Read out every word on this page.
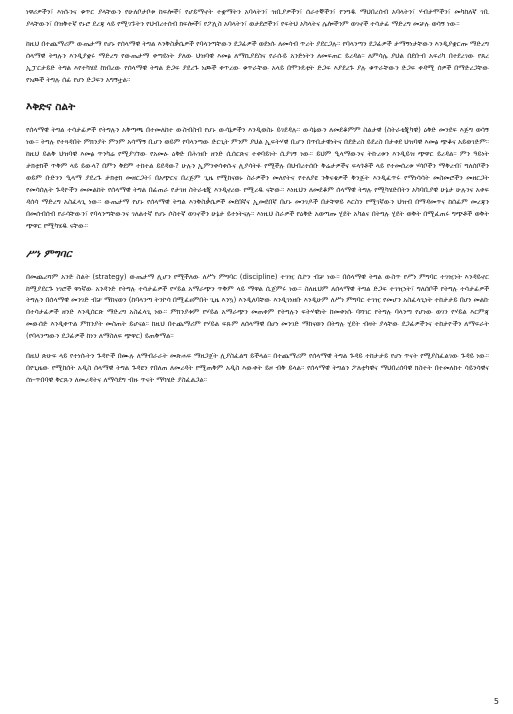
ነዋሪዎችን፣ እነሱንና ቁጥር ያላቸውን የሁለቦታቦቱ ከፍሎች፣ የሆይማኖት ተቋማትን አባላትን፣ ዝቢያዎችን፣ ሰራተኞችን፣ የንግዱ ማህበረሰብ አባላትን፣ ሃብታሞችን፣ መካከለኛ ገቢ ያላቸውን፣ በዝቅተኛ የኑሮ ደረጃ ላይ የሚገኙትን የህብረተሰብ ክፍሎች፣ የፖሊስ አባላትን፣ ወታደሮችን፣ የፍትህ አካላትና ሌሎችንም ወገኖች ተሳታፊ ማድረግ መቻሉ ወሳኝ ነው።

ከዚህ በተጨማሪም ውጤታማ የሆኑ የሰላማዊ ትግል እንቅስቃሴዎች የባላንጣቸውን ደጋፊዎች ወደነሱ ለመሳብ ጥረት ያደርጋሉ። የባላንጣን ደጋፊዎች ታማኝነታቸውን እንዲያቋርጡ ማድረግ ሰላማዊ ትግሉን እንዲያቋሩ ማድረግ የውጤታማ ቀጣይነት ያለው ህዝባዊ እመፅ ለማኪያደስና የራሱይ አንድነትን ለመፍጠር ይረዳል። ለምሳሌ ያህል በደቡብ አፍሪካ በተደረገው የጸረ ኢፓርታይድ ትግል እየተካሄደ ከነበረው የሰላማዊ ትግል ድጋፍ ያደረጉ ነጮች ቀጥረው ቁጥራቸው አላይ በሞንዴቲት ድጋፍ እያደረጉ ያሉ ቁጥራቸውን ድጋፍ ቀዳሚ ሰዎች በማድረጋቸው የነጮች ትግሉ ሰፊ የሆነ ድጋፍን አግኝቷል።

እቅድና ስልት

የሰላማዊ ትግል ተሳታፊዎች የትግሉን አቅጣጫ በተመለከተ ውስብስብ የሆኑ ውሳኔዎችን እንዲወስኑ ይገደዳሉ። ውሳኔውን ለመደቆምም ስልታዊ (ስትራቴጂካዊ) ዕቅድ መንደፍ እጅግ ወሳኝ ነው። ትግሉ የተጓዳበት ምክንያት ምንም አሳማኝ ቢሆን ወይም የባላንጣው ድርጊት ምንም ያህል ኢፍትሃዊ ቢሆን በጥቢታዊነትና በደድረስ ይደረስ በታቀደ ህዝባዊ እመፅ ጭቆና አይወገድም። ከዚህ ይልቅ ህዝባዊ እመፅ ጥንካሬ የሚያገኘው የአመፁ ዕቅድ በሕዝቡ ዘንድ ሲሰርጽና ተቀባይነት ሲያገኝ ነው። ይህም ዒላማውንና ትኩረቱን እንዲይዝ ጭዋር ይረዳል። ምን ዓይነት ታክቲክች ጥቅም ላይ ይውላ? በምን ቅደም ተከተል ይደዳው? ሁሉን ኢምንቀሳቀሱና ሊያሳትፉ የሚችሉ በህብረተሰቡ ቅሬታዎችና ፍላጎቶች ላይ የተመሰረቱ ሃሳቦችን ማቅረብ፣ ግለሰቦችን ወይም ቡድንን ዒላማ ያደረጉ ታክቲክ መዘርጋት፣ በአጭርና በረጅም ጊዜ የሚከናወኑ ስራዎችን መለየትና የተለያዩ ንቅናቄዎች ቅንጅት እንዲፈጥሩ የማነሳሳት መስመሮችን መዘርጋት የመሳሰሉት ጉዳዮችን መመልከት የሰላማዊ ትግል በፊጠራ የታገዘ ስትራቴጂ እንዲኖረው የሚረዱ ናቸው። እነዚህን ለመደቆም ሰላማዊ ትግሉ የሚካሄድበትን አካባቢያዊ ሁኔታ ሁሉንና አቀፍ ዳሰሳ ማድረግ አስፈላጊ ነው። ውጤታማ የሆኑ የሰላማዊ ትግል እንቅስቃሴዎች መደበኛና ኢመደበኛ በሆኑ መንገዶች በታቸዋይ እርስን የሚገኛውን ህዝብ በማዳመጥና ከሰፊም መረጃን በመሰብሰብ የራሳቸውን፣ የባላንጣቸውንና ገለልተኛ የሆኑ ሶስተኛ ወገኖችን ሁኔታ ይተነትናሉ። እነዚህ ስራዎች የዕቅድ አወጣጡ ሂደት አካልና በትግሉ ሂደት ወቅት በሚፈጠሩ ግጭቶች ወቅት ጭዋር የሚካሄዱ ናቸው።

ሥነ ምግባር

በመጨረሻም አንድ ስልት (strategy) ውጤታማ ሊሆን የሚችለው ለሥነ ምግባር (discipline) ተገዢ ሲኮን ብቻ ነው። በሰላማዊ ትግል ውስጥ የሥነ ምግባር ተገዢነት እንዳይኖር ከሚያደርጉ ነገሮች ዋነኛው አንዳንድ የትግሉ ተሳታፊዎች የሃይል አማራጭን ጥቅም ላይ ማዋል ሲጀምሩ ነው። ስለዚህም ለሰላማዊ ትግል ድጋፍ ተገዢነት፣ ግለሰቦች የትግሉ ተሳታፊዎች ትግሉን በሰላማዊ መንገድ ብቻ ማከናወን (ከባላንጣ ትንኮሳ በሚፈፀምበት ጊዜ እንኳ) እንዲለባቸው እንዲገነዘቡ እንዲሁም ለሥነ ምግባር ተገዢ የመሆን አስፈላጊነት ተከታታይ በሆነ መልኩ በተሳታፊዎች ዘንድ እንዲሰርጽ ማድረግ አስፈላጊ ነው። ምክንያቱም የሃይል አማራጭን መጠቀም የትግሉን ፍትሃዊነት ከመቀነሱ ባሻገር የትግሉ ባላንጣ የሆነው ወገን የሃይል እርምጃ መውሰድ እንዲቀጥል ምክንያት መስጠት ይሆናል። ከዚህ በተጨማሪም የሃይል ፍጹም ለሰላማዊ በሆነ መንገድ ማከናወን በትግሉ ሂደት ብዛት ያላቸው ደጋፊዎችንና ተከታዮችን ለማፍራት (የባላንጣውን ደጋፊዎች ከነን ለማስለፍ ጭዋር) ይጠቅማል።

በዚህ ጽሁፍ ላይ የተነሱትን ጉዳዮች በሙሉ ለማብራራት መጽሐፍ ማዘጋጀት ሊያስፈልግ ይችላል። በተጨማሪም የሰላማዊ ትግል ጉዳይ ተከታታይ የሆነ ጥናት የሚያስፈልገው ጉዳይ ነው። በየጊዜው የሚከሰት አዲስ ሰላማዊ ትግል ጉዳዩን የበለጠ ለመረዳት የሚጠቅም አዲስ እውቀት ይዞ ብቅ ይላል። የሰላማዊ ትግልን ፖለቲካዊና ማህበረሰባዊ ክስተት በተመለከተ ሳይንሳዊና ሰነ-ጥበባዊ ቅርጹን ለመረዳትና ለማሳደግ ብዙ ጥናት ማካሄድ ያስፈልጋል።

5
